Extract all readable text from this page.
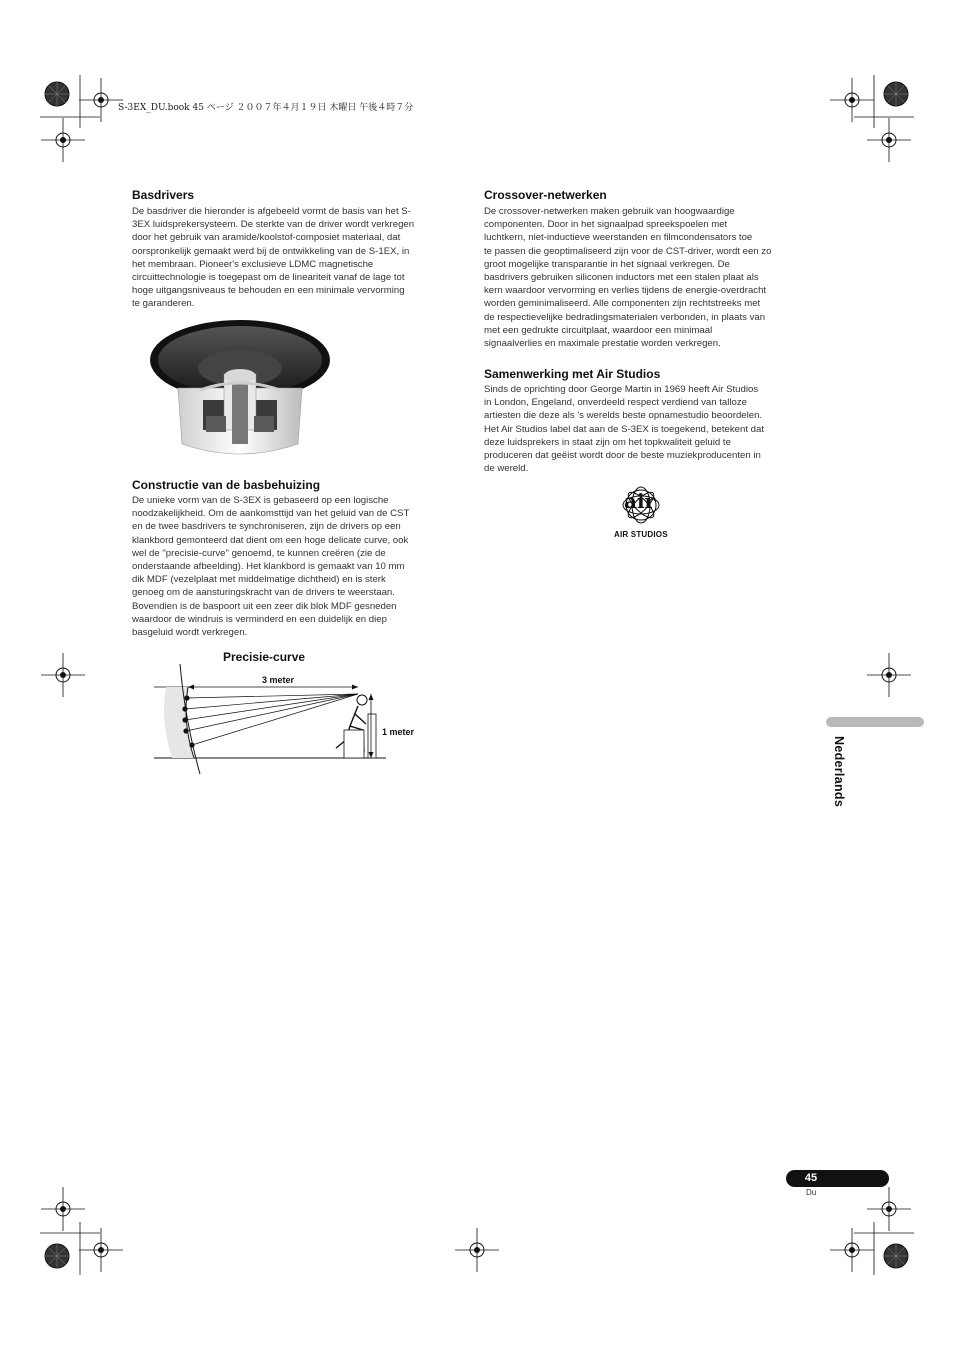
S-3EX_DU.book 45 ページ ２００７年４月１９日 木曜日 午後４時７分

Basdrivers

De basdriver die hieronder is afgebeeld vormt de basis van het S-
3EX luidsprekersysteem. De sterkte van de driver wordt verkregen
door het gebruik van aramide/koolstof-composiet materiaal, dat
oorspronkelijk gemaakt werd bij de ontwikkeling van de S-1EX, in
het membraan. Pioneer's exclusieve LDMC magnetische
circuittechnologie is toegepast om de lineariteit vanaf de lage tot
hoge uitgangsniveaus te behouden en een minimale vervorming
te garanderen.

Constructie van de basbehuizing

De unieke vorm van de S-3EX is gebaseerd op een logische
noodzakelijkheid. Om de aankomsttijd van het geluid van de CST
en de twee basdrivers te synchroniseren, zijn de drivers op een
klankbord gemonteerd dat dient om een hoge delicate curve, ook
wel de "precisie-curve" genoemd, te kunnen creëren (zie de
onderstaande afbeelding). Het klankbord is gemaakt van 10 mm
dik MDF (vezelplaat met middelmatige dichtheid) en is sterk
genoeg om de aansturingskracht van de drivers te weerstaan.
Bovendien is de baspoort uit een zeer dik blok MDF gesneden
waardoor de windruis is verminderd en een duidelijk en diep
basgeluid wordt verkregen.
Precisie-curve
3 meter
1 meter

Crossover-netwerken

De crossover-netwerken maken gebruik van hoogwaardige
componenten. Door in het signaalpad spreekspoelen met
luchtkern, niet-inductieve weerstanden en filmcondensators toe
te passen die geoptimaliseerd zijn voor de CST-driver, wordt een zo
groot mogelijke transparantie in het signaal verkregen. De
basdrivers gebruiken siliconen inductors met een stalen plaat als
kern waardoor vervorming en verlies tijdens de energie-overdracht
worden geminimaliseerd. Alle componenten zijn rechtstreeks met
de respectievelijke bedradingsmaterialen verbonden, in plaats van
met een gedrukte circuitplaat, waardoor een minimaal
signaalverlies en maximale prestatie worden verkregen.

Samenwerking met Air Studios

Sinds de oprichting door George Martin in 1969 heeft Air Studios
in London, Engeland, onverdeeld respect verdiend van talloze
artiesten die deze als 's werelds beste opnamestudio beoordelen.
Het Air Studios label dat aan de S-3EX is toegekend, betekent dat
deze luidsprekers in staat zijn om het topkwaliteit geluid te
produceren dat geëist wordt door de beste muziekproducenten in
de wereld.
air
AIR STUDIOS
Nederlands
45
Du
